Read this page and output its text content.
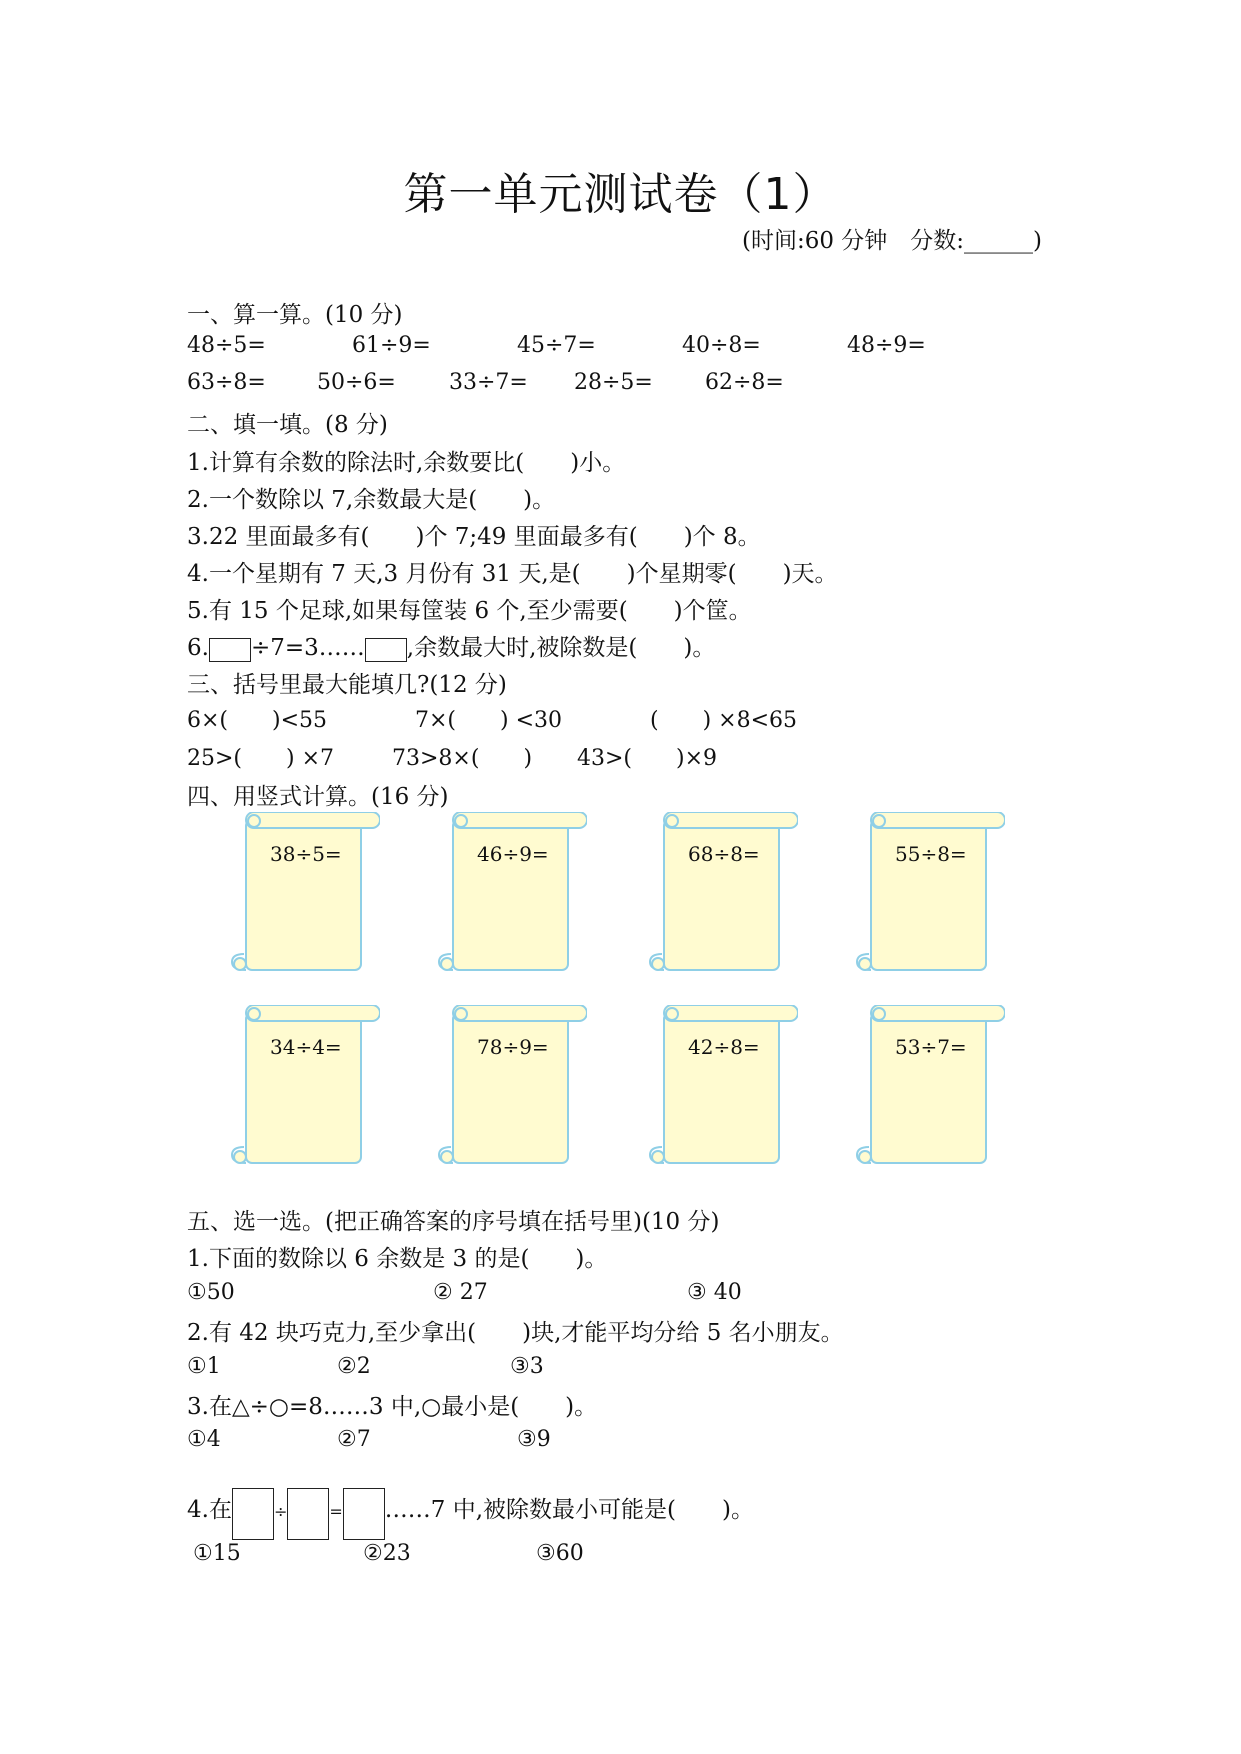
第一单元测试卷（1）
(时间:60 分钟　分数:______)
一、算一算。(10 分)
48÷5=	61÷9=	45÷7=	40÷8=	48÷9=
63÷8= 50÷6= 33÷7= 28÷5= 62÷8=
二、填一填。(8 分)
1.计算有余数的除法时,余数要比(　　)小。
2.一个数除以 7,余数最大是(　　)。
3.22 里面最多有(　　)个 7;49 里面最多有(　　)个 8。
4.一个星期有 7 天,3 月份有 31 天,是(　　)个星期零(　　)天。
5.有 15 个足球,如果每筐装 6 个,至少需要(　　)个筐。
6. ÷7=3…… ,余数最大时,被除数是(　　)。
三、括号里最大能填几?(12 分)
6×(　　)<55	7×(　　) <30	(　　) ×8<65
25>(　　) ×7	73>8×(　　) 43>(　　)×9
四、用竖式计算。(16 分)
38÷5=	46÷9=	68÷8=	55÷8=
34÷4=	78÷9=	42÷8=	53÷7=
五、选一选。(把正确答案的序号填在括号里)(10 分)
1.下面的数除以 6 余数是 3 的是(　　)。
①50	② 27	③ 40
2.有 42 块巧克力,至少拿出(　　)块,才能平均分给 5 名小朋友。
①1	②2	③3
3.在△÷○=8……3 中,○最小是(　　)。
①4	②7	③9
4.在	÷	= ……7 中,被除数最小可能是(　　)。
①15	②23	③60
